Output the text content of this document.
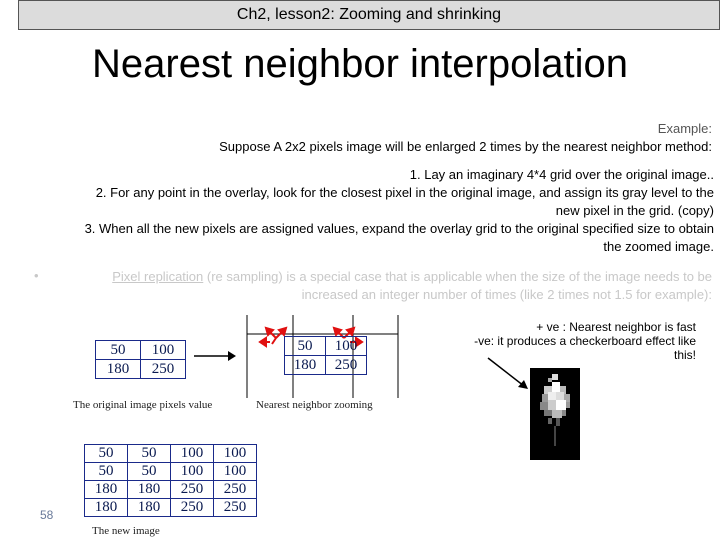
Ch2, lesson2: Zooming and shrinking
Nearest neighbor interpolation
Example:
Suppose A 2x2 pixels image will be enlarged 2 times by the nearest neighbor method:
1. Lay an imaginary 4*4 grid over the original image..
2. For any point in the overlay, look for the closest pixel in the original image, and assign its gray level to the
new pixel in the grid. (copy)
3. When all the new pixels are assigned values, expand the overlay grid to the original specified size to obtain
the zoomed image.
•	Pixel replication (re sampling) is a special case that is applicable when the size of the image needs to be
increased an integer number of times (like 2 times not 1.5 for example):
+ ve : Nearest neighbor is fast
-ve: it produces a checkerboard effect like
this!
50	100
180	250
The original image pixels value
50	100
180	250
Nearest neighbor zooming
50	50	100	100
50	50	100	100
180	180	250	250
180	180	250	250
The new image
58
